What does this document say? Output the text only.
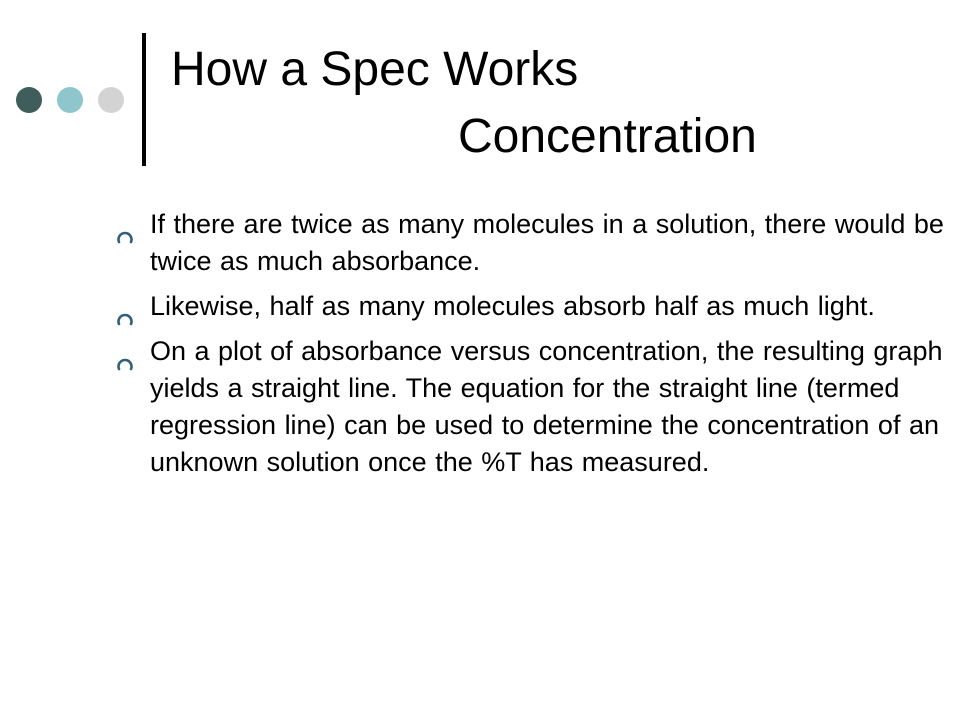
How a Spec Works
Concentration
If there are twice as many molecules in a solution, there would be twice as much absorbance.
Likewise, half as many molecules absorb half as much light.
On a plot of absorbance versus concentration, the resulting graph yields a straight line. The equation for the straight line (termed regression line) can be used to determine the concentration of an unknown solution once the %T has measured.
